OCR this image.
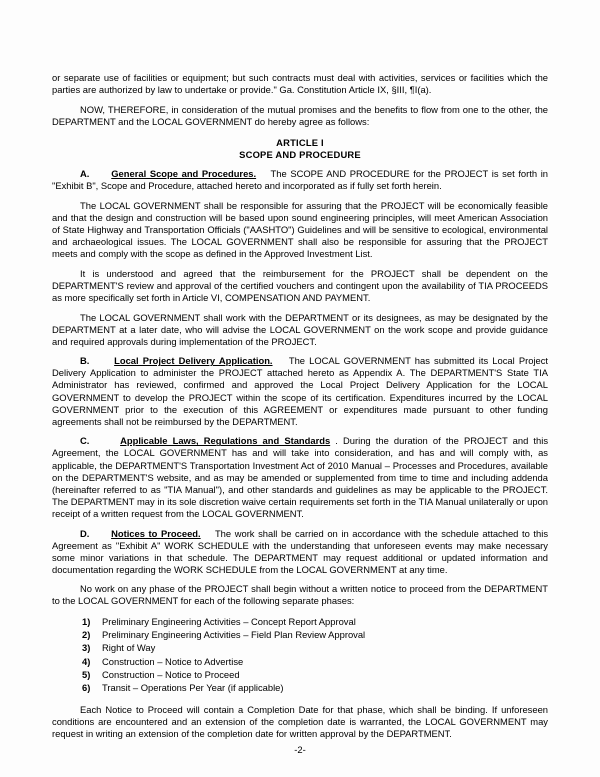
or separate use of facilities or equipment; but such contracts must deal with activities, services or facilities which the parties are authorized by law to undertake or provide." Ga. Constitution Article IX, §III, ¶I(a).

NOW, THEREFORE, in consideration of the mutual promises and the benefits to flow from one to the other, the DEPARTMENT and the LOCAL GOVERNMENT do hereby agree as follows:

ARTICLE I

SCOPE AND PROCEDURE

A. General Scope and Procedures. The SCOPE AND PROCEDURE for the PROJECT is set forth in "Exhibit B", Scope and Procedure, attached hereto and incorporated as if fully set forth herein.

The LOCAL GOVERNMENT shall be responsible for assuring that the PROJECT will be economically feasible and that the design and construction will be based upon sound engineering principles, will meet American Association of State Highway and Transportation Officials ("AASHTO") Guidelines and will be sensitive to ecological, environmental and archaeological issues. The LOCAL GOVERNMENT shall also be responsible for assuring that the PROJECT meets and comply with the scope as defined in the Approved Investment List.

It is understood and agreed that the reimbursement for the PROJECT shall be dependent on the DEPARTMENT'S review and approval of the certified vouchers and contingent upon the availability of TIA PROCEEDS as more specifically set forth in Article VI, COMPENSATION AND PAYMENT.

The LOCAL GOVERNMENT shall work with the DEPARTMENT or its designees, as may be designated by the DEPARTMENT at a later date, who will advise the LOCAL GOVERNMENT on the work scope and provide guidance and required approvals during implementation of the PROJECT.

B.	Local Project Delivery Application. The LOCAL GOVERNMENT has submitted its Local Project Delivery Application to administer the PROJECT attached hereto as Appendix A. The DEPARTMENT'S State TIA Administrator has reviewed, confirmed and approved the Local Project Delivery Application for the LOCAL GOVERNMENT to develop the PROJECT within the scope of its certification. Expenditures incurred by the LOCAL GOVERNMENT prior to the execution of this AGREEMENT or expenditures made pursuant to other funding agreements shall not be reimbursed by the DEPARTMENT.

C.	Applicable Laws, Regulations and Standards . During the duration of the PROJECT and this Agreement, the LOCAL GOVERNMENT has and will take into consideration, and has and will comply with, as applicable, the DEPARTMENT'S Transportation Investment Act of 2010 Manual – Processes and Procedures, available on the DEPARTMENT'S website, and as may be amended or supplemented from time to time and including addenda (hereinafter referred to as "TIA Manual"), and other standards and guidelines as may be applicable to the PROJECT. The DEPARTMENT may in its sole discretion waive certain requirements set forth in the TIA Manual unilaterally or upon receipt of a written request from the LOCAL GOVERNMENT.

D. Notices to Proceed. The work shall be carried on in accordance with the schedule attached to this Agreement as "Exhibit A" WORK SCHEDULE with the understanding that unforeseen events may make necessary some minor variations in that schedule. The DEPARTMENT may request additional or updated information and documentation regarding the WORK SCHEDULE from the LOCAL GOVERNMENT at any time.

No work on any phase of the PROJECT shall begin without a written notice to proceed from the DEPARTMENT to the LOCAL GOVERNMENT for each of the following separate phases:

1)	Preliminary Engineering Activities – Concept Report Approval
2)	Preliminary Engineering Activities – Field Plan Review Approval
3)	Right of Way
4)	Construction – Notice to Advertise
5)	Construction – Notice to Proceed
6)	Transit – Operations Per Year (if applicable)

Each Notice to Proceed will contain a Completion Date for that phase, which shall be binding. If unforeseen conditions are encountered and an extension of the completion date is warranted, the LOCAL GOVERNMENT may request in writing an extension of the completion date for written approval by the DEPARTMENT.

-2-
